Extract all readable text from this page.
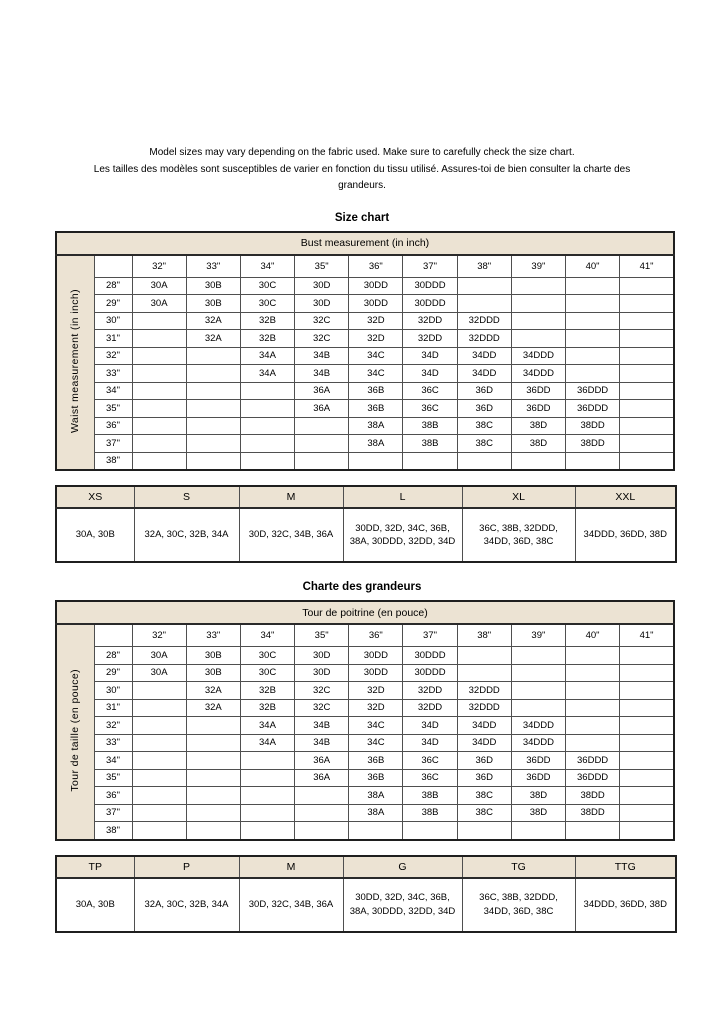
Model sizes may vary depending on the fabric used. Make sure to carefully check the size chart.
Les tailles des modèles sont susceptibles de varier en fonction du tissu utilisé. Assures-toi de bien consulter la charte des
grandeurs.
Size chart
Bust measurement (in inch)											
Waist measurement (in inch)		32"	33"	34"	35"	36"	37"	38"	39"	40"	41"
	28"	30A	30B	30C	30D	30DD	30DDD				
	29"	30A	30B	30C	30D	30DD	30DDD				
	30"		32A	32B	32C	32D	32DD	32DDD			
	31"		32A	32B	32C	32D	32DD	32DDD			
	32"			34A	34B	34C	34D	34DD	34DDD		
	33"			34A	34B	34C	34D	34DD	34DDD		
	34"				36A	36B	36C	36D	36DD	36DDD	
	35"				36A	36B	36C	36D	36DD	36DDD	
	36"					38A	38B	38C	38D	38DD	
	37"					38A	38B	38C	38D	38DD	
	38"										
XS	S	M	L	XL	XXL
30A, 30B	32A, 30C, 32B, 34A	30D, 32C, 34B, 36A	30DD, 32D, 34C, 36B, 38A, 30DDD, 32DD, 34D	36C, 38B, 32DDD, 34DD, 36D, 38C	34DDD, 36DD, 38D
Charte des grandeurs
Tour de poitrine (en pouce)											
Tour de taille (en pouce)		32"	33"	34"	35"	36"	37"	38"	39"	40"	41"
	28"	30A	30B	30C	30D	30DD	30DDD				
	29"	30A	30B	30C	30D	30DD	30DDD				
	30"		32A	32B	32C	32D	32DD	32DDD			
	31"		32A	32B	32C	32D	32DD	32DDD			
	32"			34A	34B	34C	34D	34DD	34DDD		
	33"			34A	34B	34C	34D	34DD	34DDD		
	34"				36A	36B	36C	36D	36DD	36DDD	
	35"				36A	36B	36C	36D	36DD	36DDD	
	36"					38A	38B	38C	38D	38DD	
	37"					38A	38B	38C	38D	38DD	
	38"										
TP	P	M	G	TG	TTG
30A, 30B	32A, 30C, 32B, 34A	30D, 32C, 34B, 36A	30DD, 32D, 34C, 36B, 38A, 30DDD, 32DD, 34D	36C, 38B, 32DDD, 34DD, 36D, 38C	34DDD, 36DD, 38D
